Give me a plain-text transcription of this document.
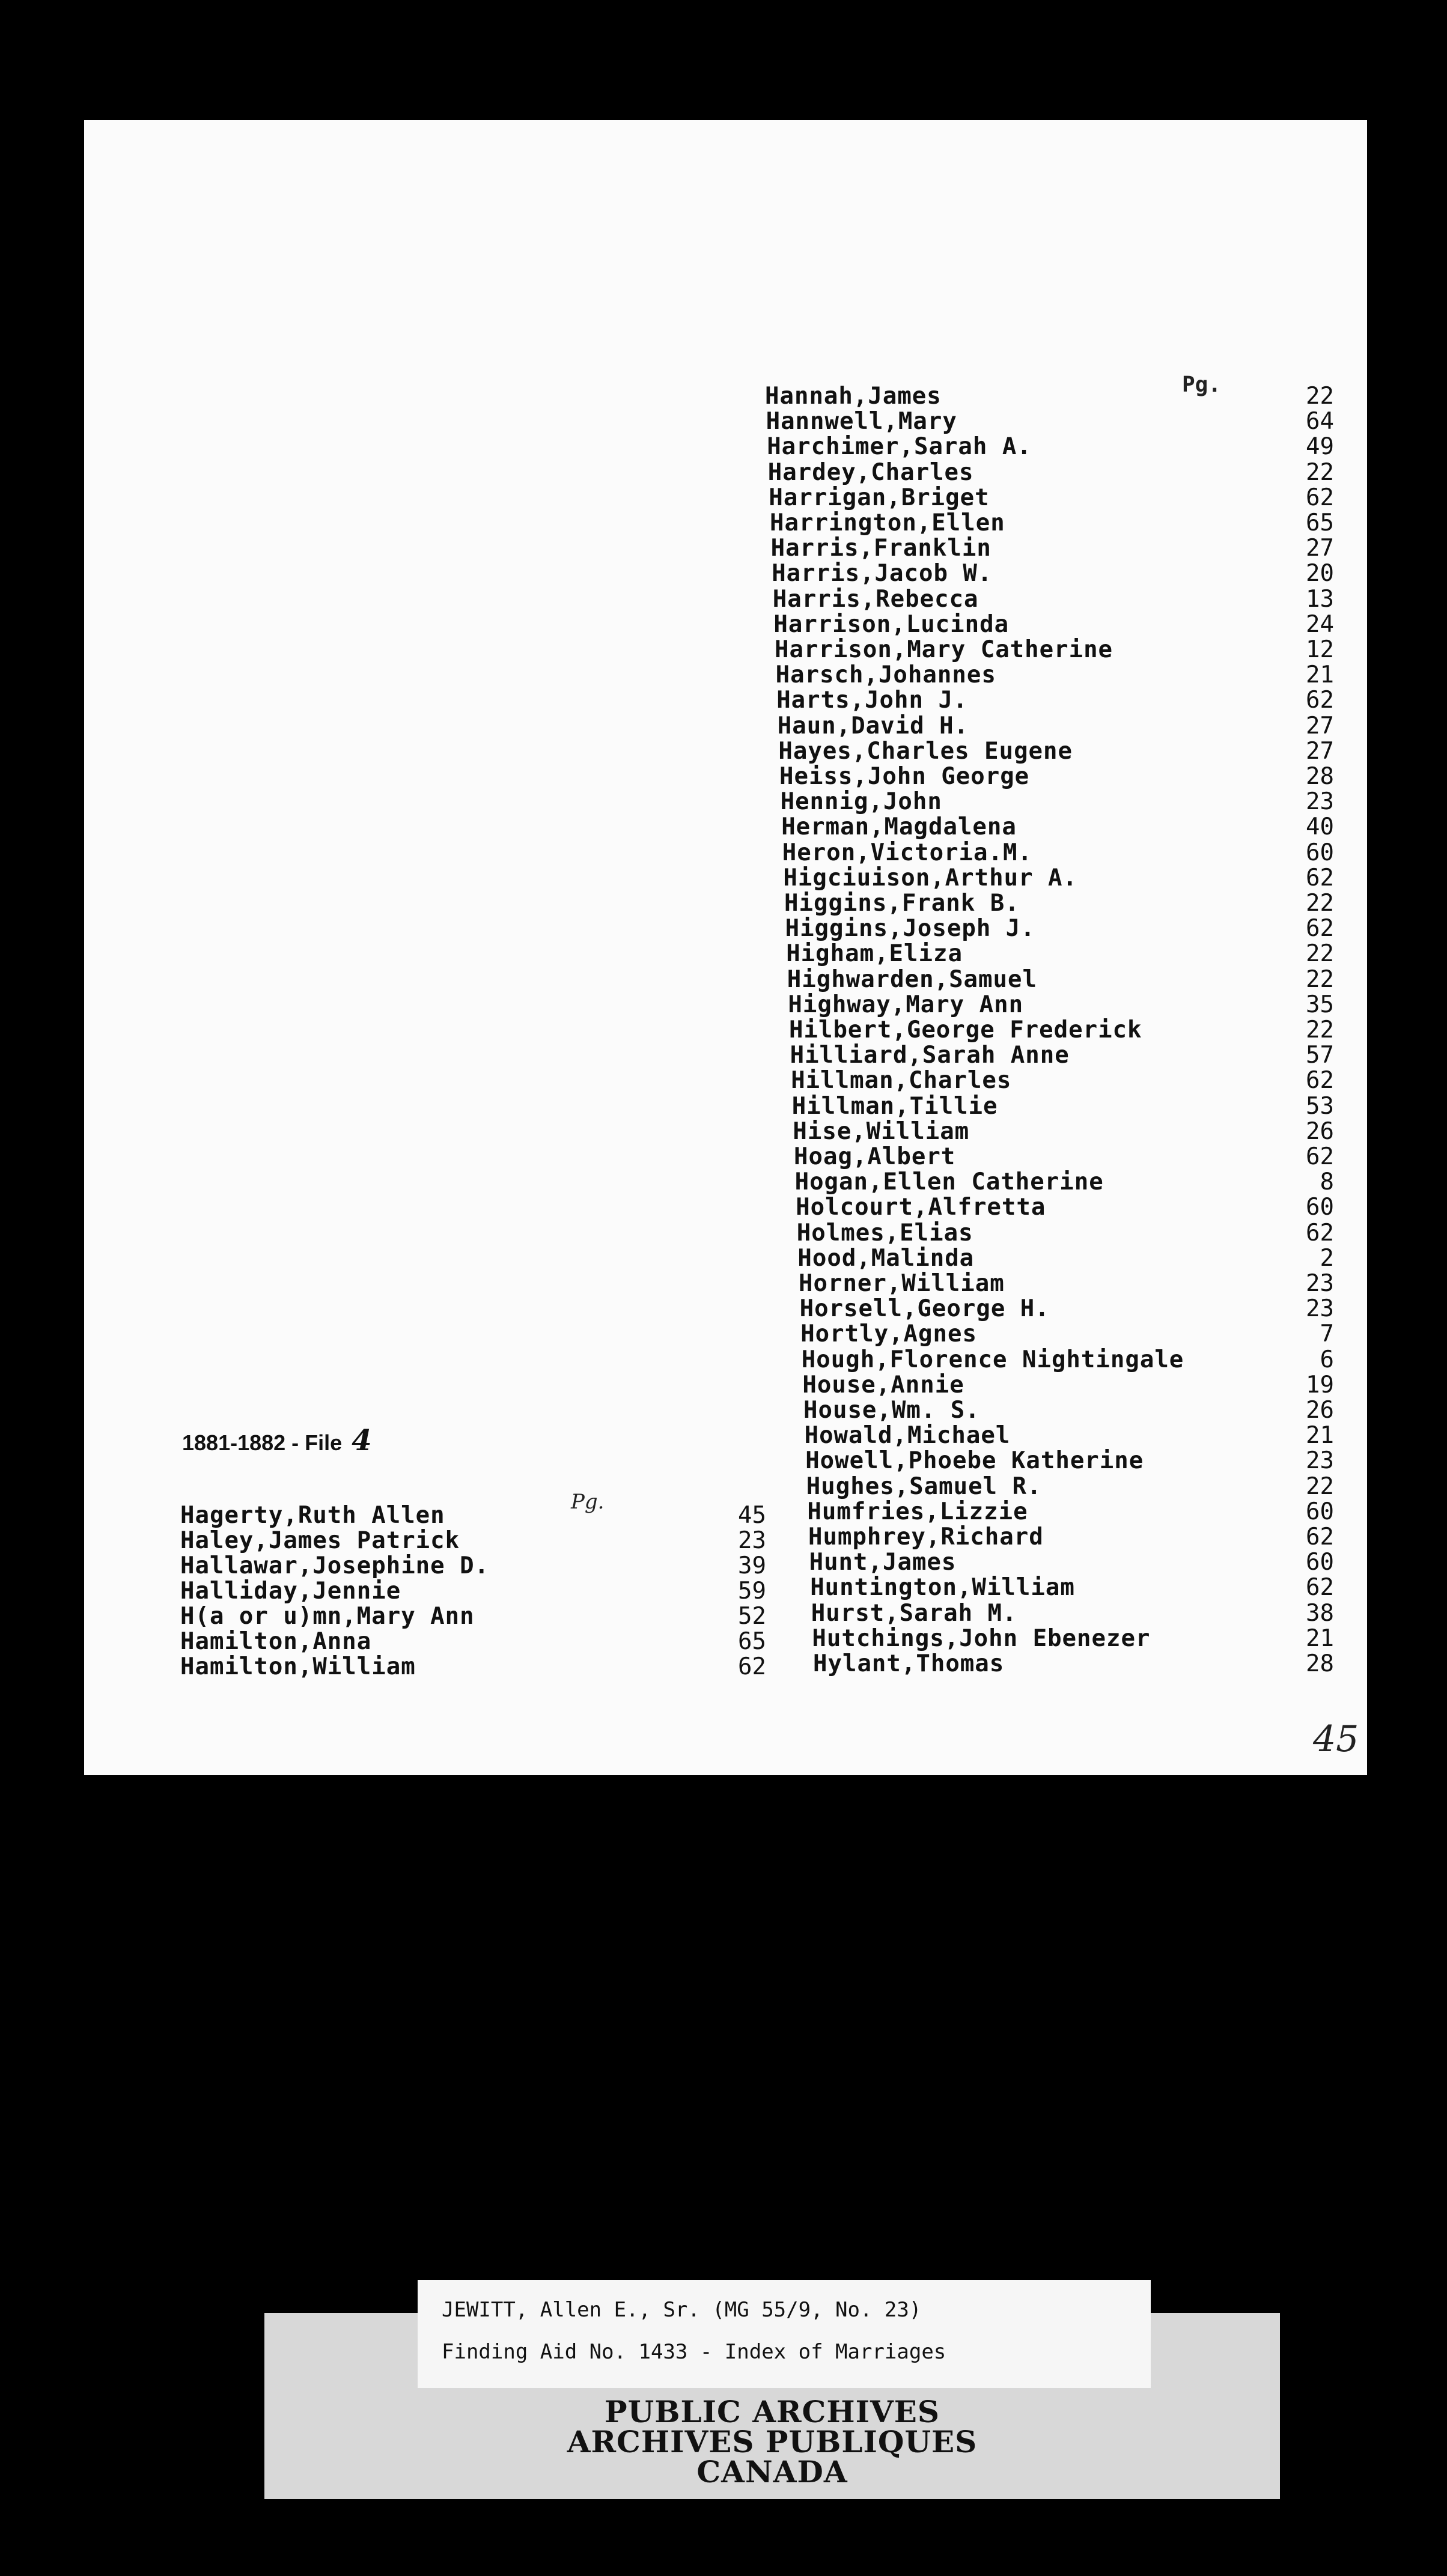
Pg.
Hannah,James	22
Hannwell,Mary	64
Harchimer,Sarah A.	49
Hardey,Charles	22
Harrigan,Briget	62
Harrington,Ellen	65
Harris,Franklin	27
Harris,Jacob W.	20
Harris,Rebecca	13
Harrison,Lucinda	24
Harrison,Mary Catherine	12
Harsch,Johannes	21
Harts,John J.	62
Haun,David H.	27
Hayes,Charles Eugene	27
Heiss,John George	28
Hennig,John	23
Herman,Magdalena	40
Heron,Victoria.M.	60
Higciuison,Arthur A.	62
Higgins,Frank B.	22
Higgins,Joseph J.	62
Higham,Eliza	22
Highwarden,Samuel	22
Highway,Mary Ann	35
Hilbert,George Frederick	22
Hilliard,Sarah Anne	57
Hillman,Charles	62
Hillman,Tillie	53
Hise,William	26
Hoag,Albert	62
Hogan,Ellen Catherine	8
Holcourt,Alfretta	60
Holmes,Elias	62
Hood,Malinda	2
Horner,William	23
Horsell,George H.	23
Hortly,Agnes	7
Hough,Florence Nightingale	6
House,Annie	19
House,Wm. S.	26
Howald,Michael	21
Howell,Phoebe Katherine	23
Hughes,Samuel R.	22
Humfries,Lizzie	60
Humphrey,Richard	62
Hunt,James	60
Huntington,William	62
Hurst,Sarah M.	38
Hutchings,John Ebenezer	21
Hylant,Thomas	28
1881-1882 - File 4
Pg.
Hagerty,Ruth Allen	45
Haley,James Patrick	23
Hallawar,Josephine D.	39
Halliday,Jennie	59
H(a or u)mn,Mary Ann	52
Hamilton,Anna	65
Hamilton,William	62
45
PUBLIC ARCHIVES
ARCHIVES PUBLIQUES
CANADA
JEWITT, Allen E., Sr. (MG 55/9, No. 23)
Finding Aid No. 1433 - Index of Marriages
